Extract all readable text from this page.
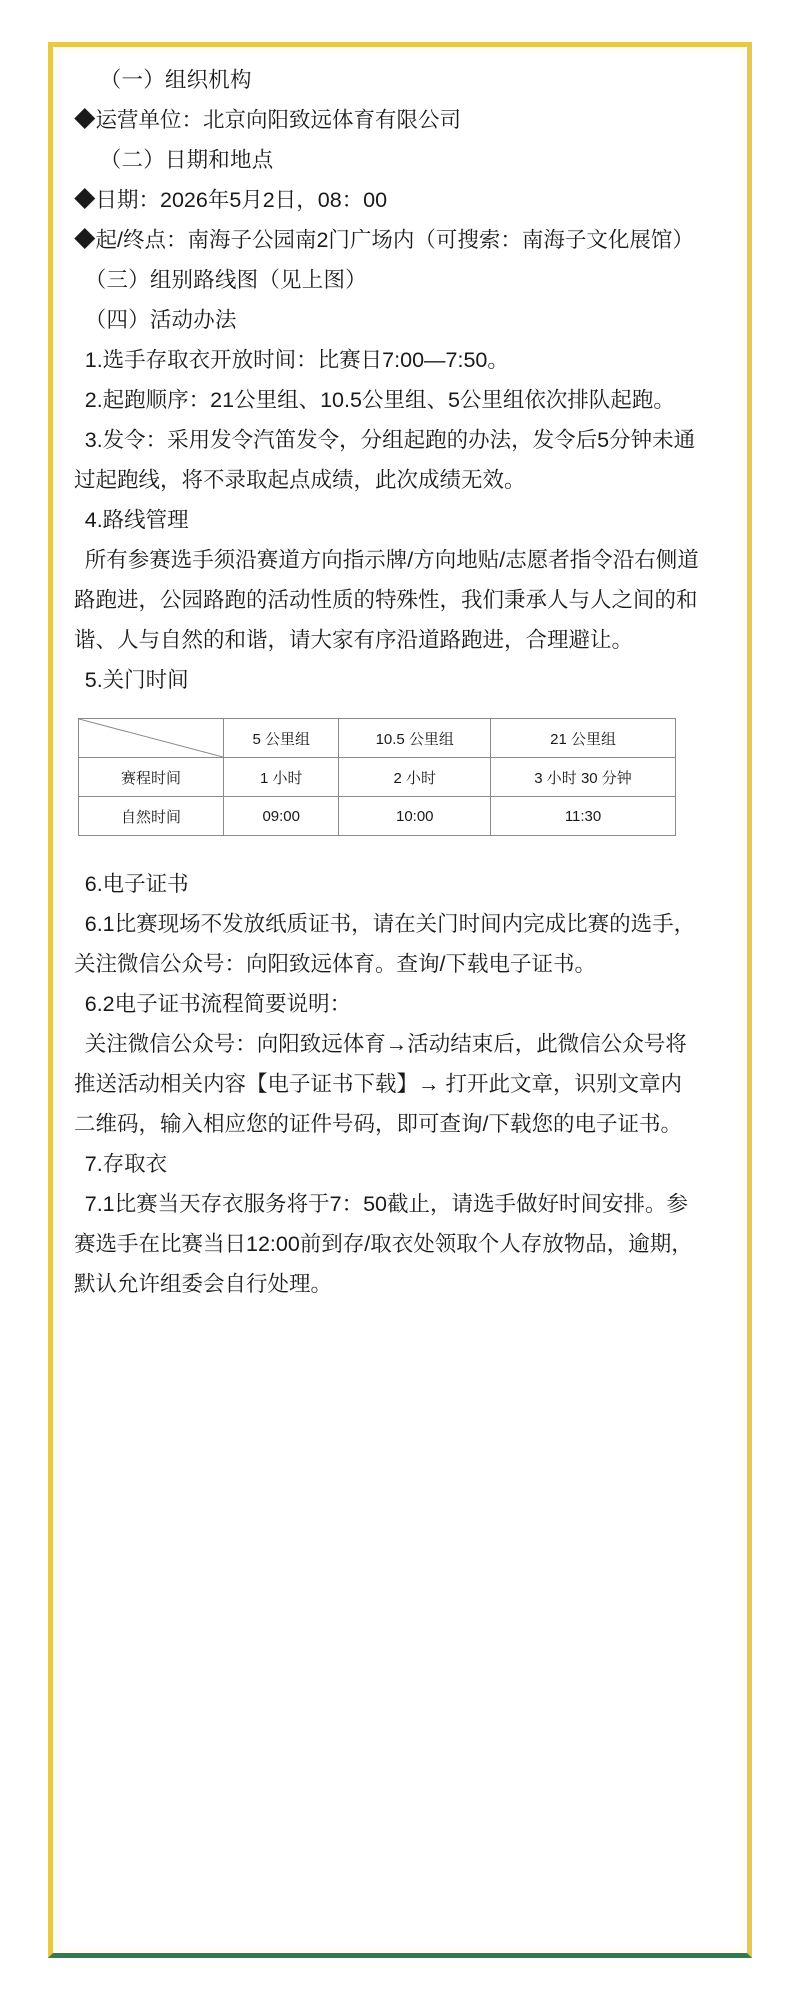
（一）组织机构
◆运营单位：北京向阳致远体育有限公司
（二）日期和地点
◆日期：2026年5月2日，08：00
◆起/终点：南海子公园南2门广场内（可搜索：南海子文化展馆）
（三）组别路线图（见上图）
（四）活动办法
1.选手存取衣开放时间：比赛日7:00—7:50。
2.起跑顺序：21公里组、10.5公里组、5公里组依次排队起跑。
3.发令：采用发令汽笛发令，分组起跑的办法，发令后5分钟未通过起跑线，将不录取起点成绩，此次成绩无效。
4.路线管理
所有参赛选手须沿赛道方向指示牌/方向地贴/志愿者指令沿右侧道路跑进，公园路跑的活动性质的特殊性，我们秉承人与人之间的和谐、人与自然的和谐，请大家有序沿道路跑进，合理避让。
5.关门时间
	5 公里组	10.5 公里组	21 公里组
赛程时间	1 小时	2 小时	3 小时 30 分钟
自然时间	09:00	10:00	11:30
6.电子证书
6.1比赛现场不发放纸质证书，请在关门时间内完成比赛的选手，关注微信公众号：向阳致远体育。查询/下载电子证书。
6.2电子证书流程简要说明：
关注微信公众号：向阳致远体育→活动结束后，此微信公众号将推送活动相关内容【电子证书下载】→ 打开此文章，识别文章内二维码，输入相应您的证件号码，即可查询/下载您的电子证书。
7.存取衣
7.1比赛当天存衣服务将于7：50截止，请选手做好时间安排。参赛选手在比赛当日12:00前到存/取衣处领取个人存放物品，逾期，默认允许组委会自行处理。
